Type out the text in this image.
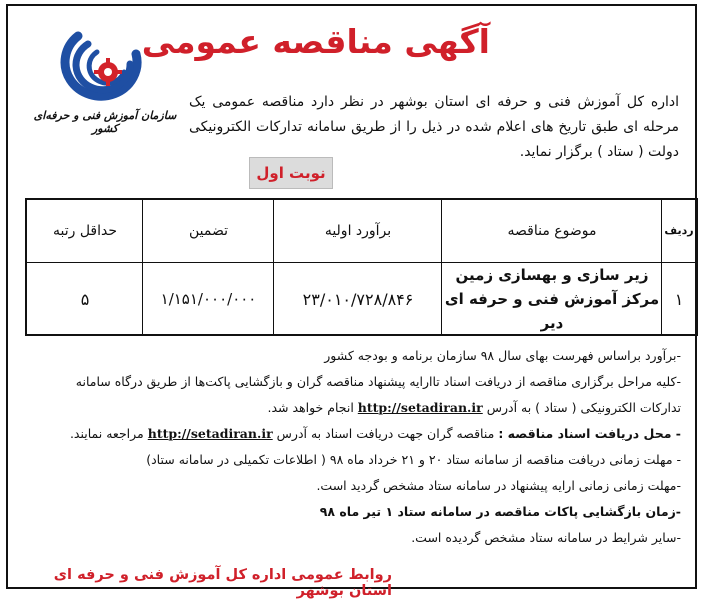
آگهی مناقصه عمومی
سازمان آموزش فنی و حرفه‌ای کشور
اداره کل آموزش فنی و حرفه ای استان بوشهر در نظر دارد مناقصه عمومی یک مرحله ای طبق تاریخ های اعلام شده در ذیل را از طریق سامانه تدارکات الکترونیکی دولت ( ستاد ) برگزار نماید.
نوبت اول
ردیف
موضوع مناقصه
برآورد اولیه
تضمین
حداقل رتبه
۱
زیر سازی و بهسازی زمین مرکز آموزش فنی و حرفه ای دیر
۲۳/۰۱۰/۷۲۸/۸۴۶
۱/۱۵۱/۰۰۰/۰۰۰
۵
-برآورد براساس فهرست بهای سال ۹۸ سازمان برنامه و بودجه کشور
-کلیه مراحل برگزاری مناقصه از دریافت اسناد تاارایه پیشنهاد مناقصه گران و بازگشایی پاکت‌ها از طریق درگاه سامانه
تدارکات الکترونیکی ( ستاد ) به آدرس http://setadiran.ir انجام خواهد شد.
- محل دریافت اسناد مناقصه : مناقصه گران جهت دریافت اسناد به آدرس http://setadiran.ir مراجعه نمایند.
- مهلت زمانی دریافت مناقصه از سامانه ستاد ۲۰ و ۲۱ خرداد ماه ۹۸ ( اطلاعات تکمیلی در سامانه ستاد)
-مهلت زمانی زمانی ارایه پیشنهاد در سامانه ستاد مشخص گردید است.
-زمان بازگشایی پاکات مناقصه در سامانه ستاد ۱ تیر ماه ۹۸
-سایر شرایط در سامانه ستاد مشخص گردیده است.
روابط عمومی اداره کل آموزش فنی و حرفه ای استان بوشهر
